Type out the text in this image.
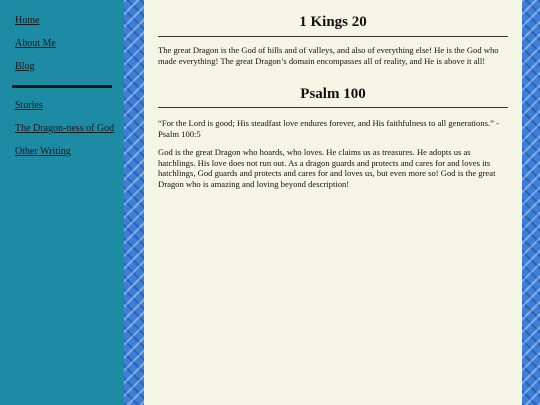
Home
About Me
Blog
Stories
The Dragon-ness of God
Other Writing
1 Kings 20

The great Dragon is the God of hills and of valleys, and also of everything else! He is the God who made everything! The great Dragon’s domain encompasses all of reality, and He is above it all!

Psalm 100

“For the Lord is good; His steadfast love endures forever, and His faithfulness to all generations.” - Psalm 100:5

God is the great Dragon who hoards, who loves. He claims us as treasures. He adopts us as hatchlings. His love does not run out. As a dragon guards and protects and cares for and loves its hatchlings, God guards and protects and cares for and loves us, but even more so! God is the great Dragon who is amazing and loving beyond description!
